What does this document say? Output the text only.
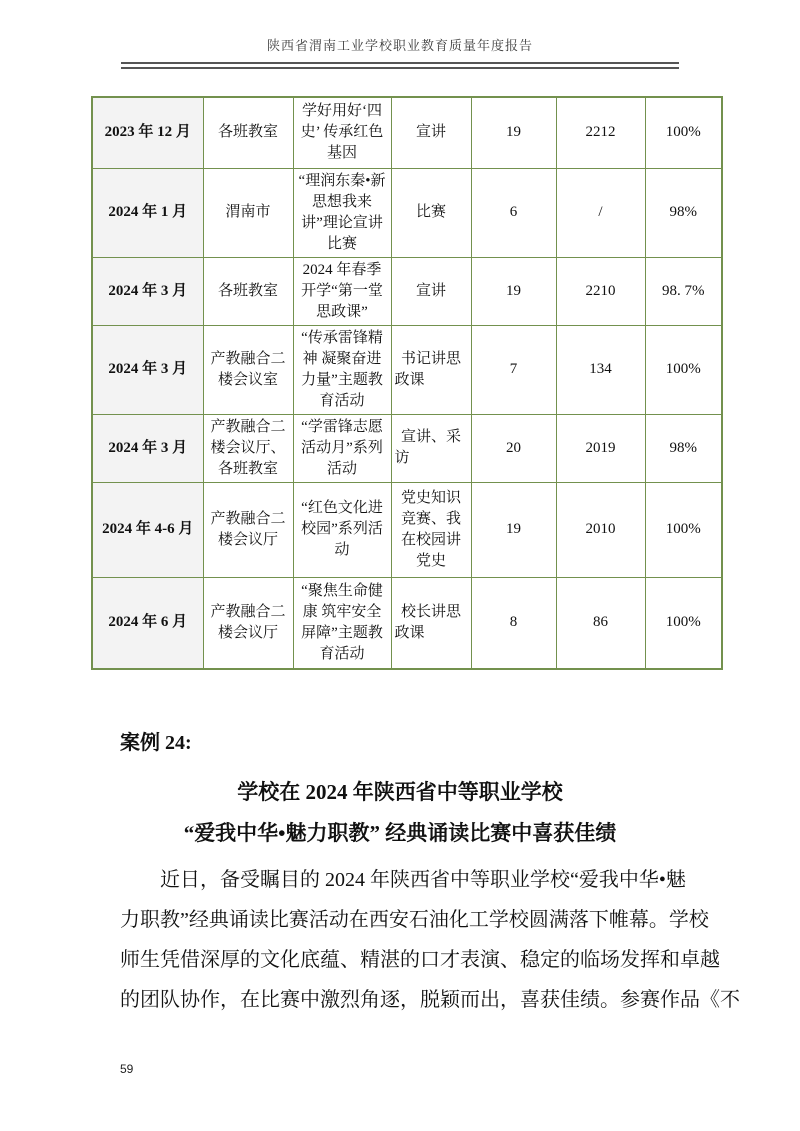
陕西省渭南工业学校职业教育质量年度报告
2023 年 12 月	各班教室	学好用好‘四史’ 传承红色基因	宣讲	19	2212	100%
2024 年 1 月	渭南市	“理润东秦•新思想我来讲”理论宣讲比赛	比赛	6	/	98%
2024 年 3 月	各班教室	2024 年春季开学“第一堂思政课”	宣讲	19	2210	98. 7%
2024 年 3 月	产教融合二楼会议室	“传承雷锋精神 凝聚奋进力量”主题教育活动	书记讲思政课	7	134	100%
2024 年 3 月	产教融合二楼会议厅、各班教室	“学雷锋志愿活动月”系列活动	宣讲、采访	20	2019	98%
2024 年 4-6 月	产教融合二楼会议厅	“红色文化进校园”系列活动	党史知识竞赛、我在校园讲党史	19	2010	100%
2024 年 6 月	产教融合二楼会议厅	“聚焦生命健康 筑牢安全屏障”主题教育活动	校长讲思政课	8	86	100%
案例 24:
学校在 2024 年陕西省中等职业学校
“爱我中华•魅力职教” 经典诵读比赛中喜获佳绩
近日，备受瞩目的 2024 年陕西省中等职业学校“爱我中华•魅
力职教”经典诵读比赛活动在西安石油化工学校圆满落下帷幕。学校
师生凭借深厚的文化底蕴、精湛的口才表演、稳定的临场发挥和卓越
的团队协作，在比赛中激烈角逐，脱颖而出，喜获佳绩。参赛作品《不
59
